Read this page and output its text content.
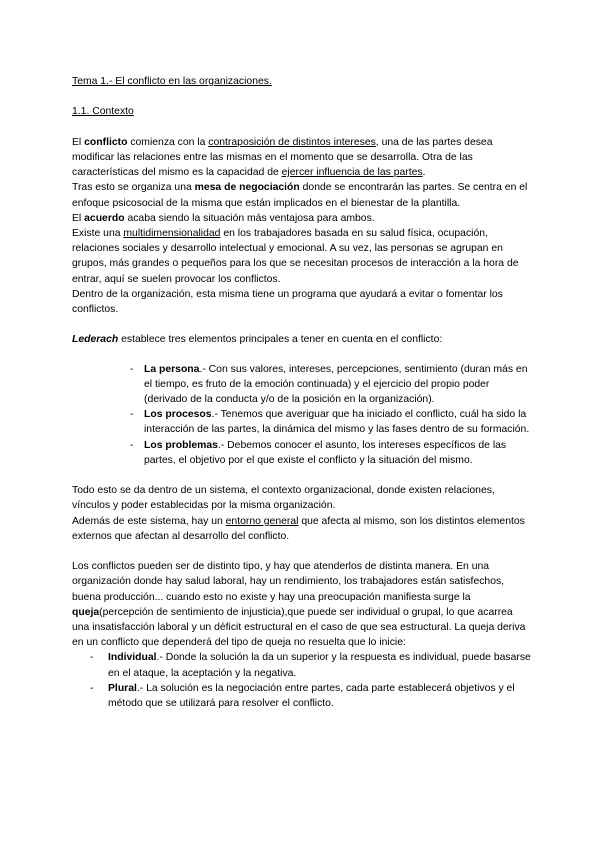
Tema 1.- El conflicto en las organizaciones.

1.1. Contexto

El conflicto comienza con la contraposición de distintos intereses, una de las partes desea modificar las relaciones entre las mismas en el momento que se desarrolla. Otra de las características del mismo es la capacidad de ejercer influencia de las partes.

Tras esto se organiza una mesa de negociación donde se encontrarán las partes. Se centra en el enfoque psicosocial de la misma que están implicados en el bienestar de la plantilla.

El acuerdo acaba siendo la situación más ventajosa para ambos.

Existe una multidimensionalidad en los trabajadores basada en su salud física, ocupación, relaciones sociales y desarrollo intelectual y emocional. A su vez, las personas se agrupan en grupos, más grandes o pequeños para los que se necesitan procesos de interacción a la hora de entrar, aquí se suelen provocar los conflictos.

Dentro de la organización, esta misma tiene un programa que ayudará a evitar o fomentar los conflictos.

Lederach establece tres elementos principales a tener en cuenta en el conflicto:

- La persona.- Con sus valores, intereses, percepciones, sentimiento (duran más en el tiempo, es fruto de la emoción continuada) y el ejercicio del propio poder (derivado de la conducta y/o de la posición en la organización).
- Los procesos.- Tenemos que averiguar que ha iniciado el conflicto, cuál ha sido la interacción de las partes, la dinámica del mismo y las fases dentro de su formación.
- Los problemas.- Debemos conocer el asunto, los intereses específicos de las partes, el objetivo por el que existe el conflicto y la situación del mismo.

Todo esto se da dentro de un sistema, el contexto organizacional, donde existen relaciones, vínculos y poder establecidas por la misma organización.

Además de este sistema, hay un entorno general que afecta al mismo, son los distintos elementos externos que afectan al desarrollo del conflicto.

Los conflictos pueden ser de distinto tipo, y hay que atenderlos de distinta manera. En una organización donde hay salud laboral, hay un rendimiento, los trabajadores están satisfechos, buena producción... cuando esto no existe y hay una preocupación manifiesta surge la queja(percepción de sentimiento de injusticia),que puede ser individual o grupal, lo que acarrea una insatisfacción laboral y un déficit estructural en el caso de que sea estructural. La queja deriva en un conflicto que dependerá del tipo de queja no resuelta que lo inicie:

- Individual.- Donde la solución la da un superior y la respuesta es individual, puede basarse en el ataque, la aceptación y la negativa.
- Plural.- La solución es la negociación entre partes, cada parte establecerá objetivos y el método que se utilizará para resolver el conflicto.
